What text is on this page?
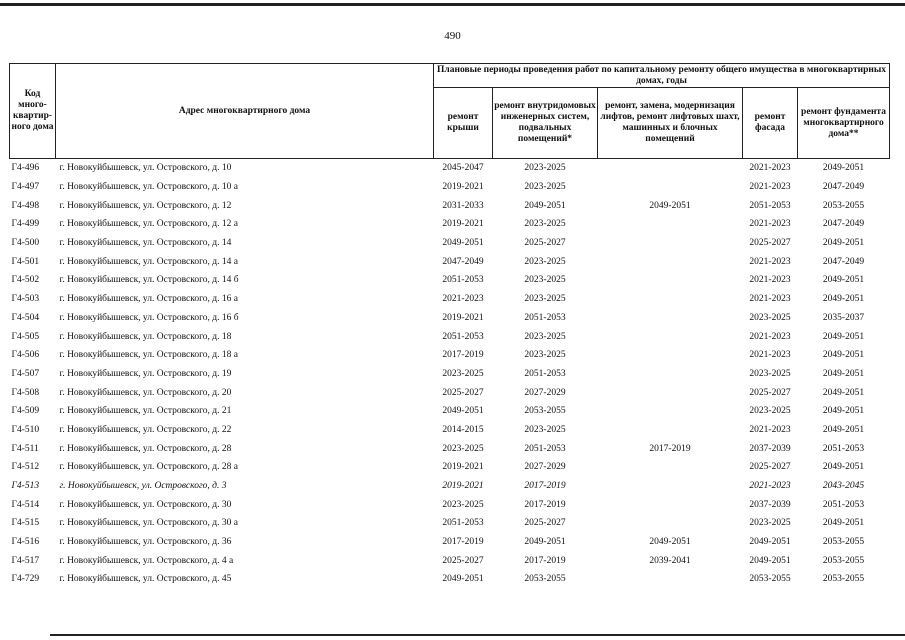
490
Код много-квартир-ного дома	Адрес многоквартирного дома	Плановые периоды проведения работ по капитальному ремонту общего имущества в многоквартирных домах, годы				
		ремонт крыши	ремонт внутридомовых инженерных систем, подвальных помещений*	ремонт, замена, модернизация лифтов, ремонт лифтовых шахт, машинных и блочных помещений	ремонт фасада	ремонт фундамента многоквартирного дома**
Г4-496	г. Новокуйбышевск, ул. Островского, д. 10	2045-2047	2023-2025		2021-2023	2049-2051
Г4-497	г. Новокуйбышевск, ул. Островского, д. 10 а	2019-2021	2023-2025		2021-2023	2047-2049
Г4-498	г. Новокуйбышевск, ул. Островского, д. 12	2031-2033	2049-2051	2049-2051	2051-2053	2053-2055
Г4-499	г. Новокуйбышевск, ул. Островского, д. 12 а	2019-2021	2023-2025		2021-2023	2047-2049
Г4-500	г. Новокуйбышевск, ул. Островского, д. 14	2049-2051	2025-2027		2025-2027	2049-2051
Г4-501	г. Новокуйбышевск, ул. Островского, д. 14 а	2047-2049	2023-2025		2021-2023	2047-2049
Г4-502	г. Новокуйбышевск, ул. Островского, д. 14 б	2051-2053	2023-2025		2021-2023	2049-2051
Г4-503	г. Новокуйбышевск, ул. Островского, д. 16 а	2021-2023	2023-2025		2021-2023	2049-2051
Г4-504	г. Новокуйбышевск, ул. Островского, д. 16 б	2019-2021	2051-2053		2023-2025	2035-2037
Г4-505	г. Новокуйбышевск, ул. Островского, д. 18	2051-2053	2023-2025		2021-2023	2049-2051
Г4-506	г. Новокуйбышевск, ул. Островского, д. 18 а	2017-2019	2023-2025		2021-2023	2049-2051
Г4-507	г. Новокуйбышевск, ул. Островского, д. 19	2023-2025	2051-2053		2023-2025	2049-2051
Г4-508	г. Новокуйбышевск, ул. Островского, д. 20	2025-2027	2027-2029		2025-2027	2049-2051
Г4-509	г. Новокуйбышевск, ул. Островского, д. 21	2049-2051	2053-2055		2023-2025	2049-2051
Г4-510	г. Новокуйбышевск, ул. Островского, д. 22	2014-2015	2023-2025		2021-2023	2049-2051
Г4-511	г. Новокуйбышевск, ул. Островского, д. 28	2023-2025	2051-2053	2017-2019	2037-2039	2051-2053
Г4-512	г. Новокуйбышевск, ул. Островского, д. 28 а	2019-2021	2027-2029		2025-2027	2049-2051
Г4-513	г. Новокуйбышевск, ул. Островского, д. 3	2019-2021	2017-2019		2021-2023	2043-2045
Г4-514	г. Новокуйбышевск, ул. Островского, д. 30	2023-2025	2017-2019		2037-2039	2051-2053
Г4-515	г. Новокуйбышевск, ул. Островского, д. 30 а	2051-2053	2025-2027		2023-2025	2049-2051
Г4-516	г. Новокуйбышевск, ул. Островского, д. 36	2017-2019	2049-2051	2049-2051	2049-2051	2053-2055
Г4-517	г. Новокуйбышевск, ул. Островского, д. 4 а	2025-2027	2017-2019	2039-2041	2049-2051	2053-2055
Г4-729	г. Новокуйбышевск, ул. Островского, д. 45	2049-2051	2053-2055		2053-2055	2053-2055
